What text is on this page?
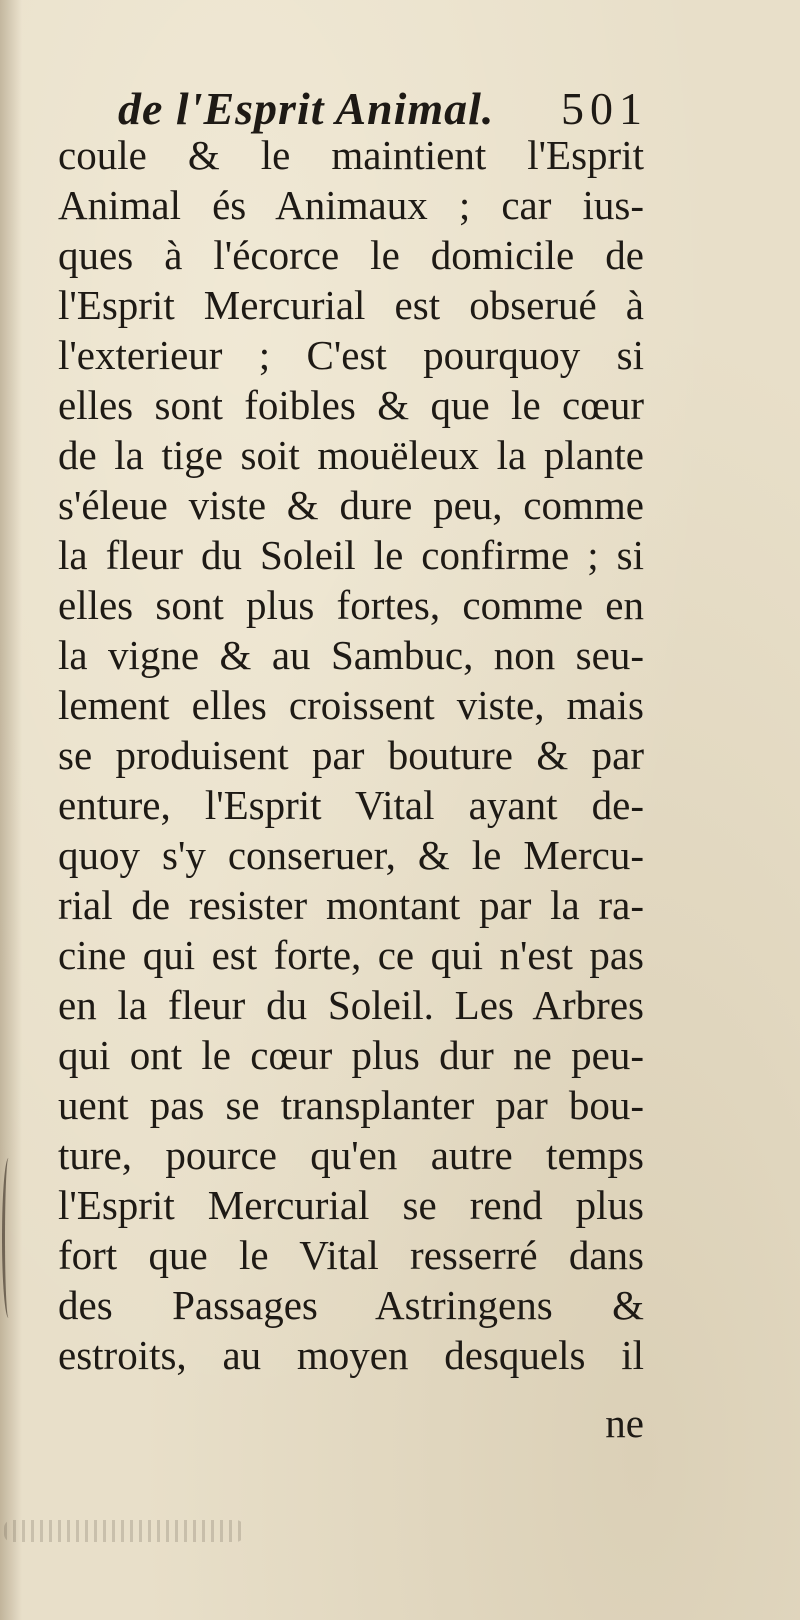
de l'Esprit Animal. 501
coule & le maintient l'Esprit
Animal és Animaux ; car ius-
ques à l'écorce le domicile de
l'Esprit Mercurial est obserué à
l'exterieur ; C'est pourquoy si
elles sont foibles & que le cœur
de la tige soit mouëleux la plante
s'éleue viste & dure peu, comme
la fleur du Soleil le confirme ; si
elles sont plus fortes, comme en
la vigne & au Sambuc, non seu-
lement elles croissent viste, mais
se produisent par bouture & par
enture, l'Esprit Vital ayant de-
quoy s'y conseruer, & le Mercu-
rial de resister montant par la ra-
cine qui est forte, ce qui n'est pas
en la fleur du Soleil. Les Arbres
qui ont le cœur plus dur ne peu-
uent pas se transplanter par bou-
ture, pource qu'en autre temps
l'Esprit Mercurial se rend plus
fort que le Vital resserré dans
des Passages Astringens &
estroits, au moyen desquels il
ne
